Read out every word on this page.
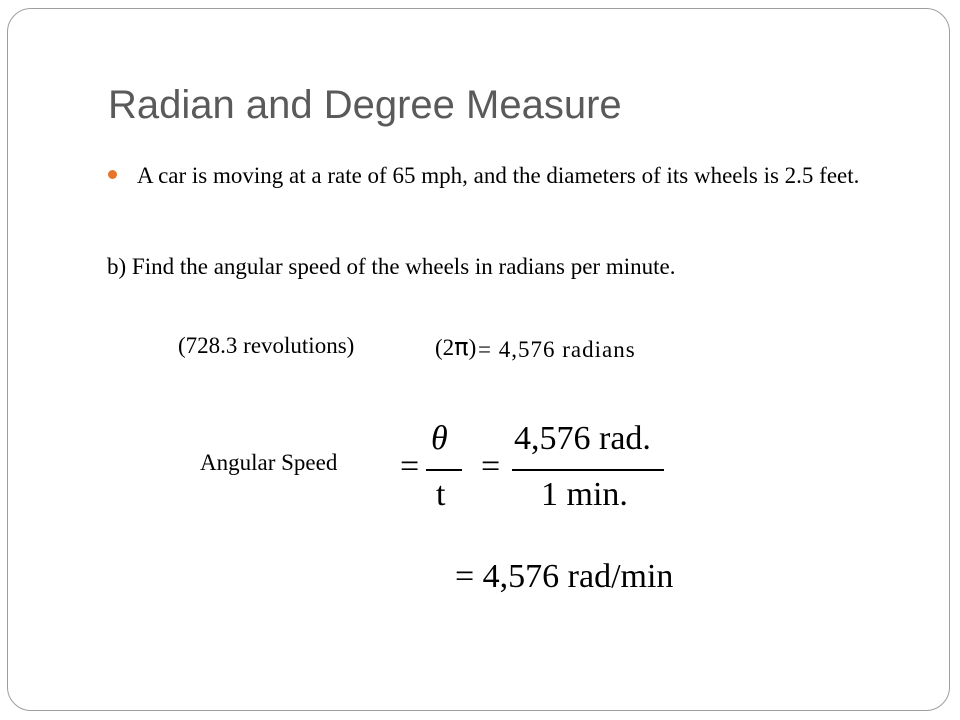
Radian and Degree Measure
A car is moving at a rate of 65 mph, and the diameters of its wheels is 2.5 feet.
b) Find the angular speed of the wheels in radians per minute.
(728.3 revolutions)	(2π) = 4,576 radians
Angular Speed =
θ
t
=
4,576 rad.
1 min.
= 4,576 rad/min
